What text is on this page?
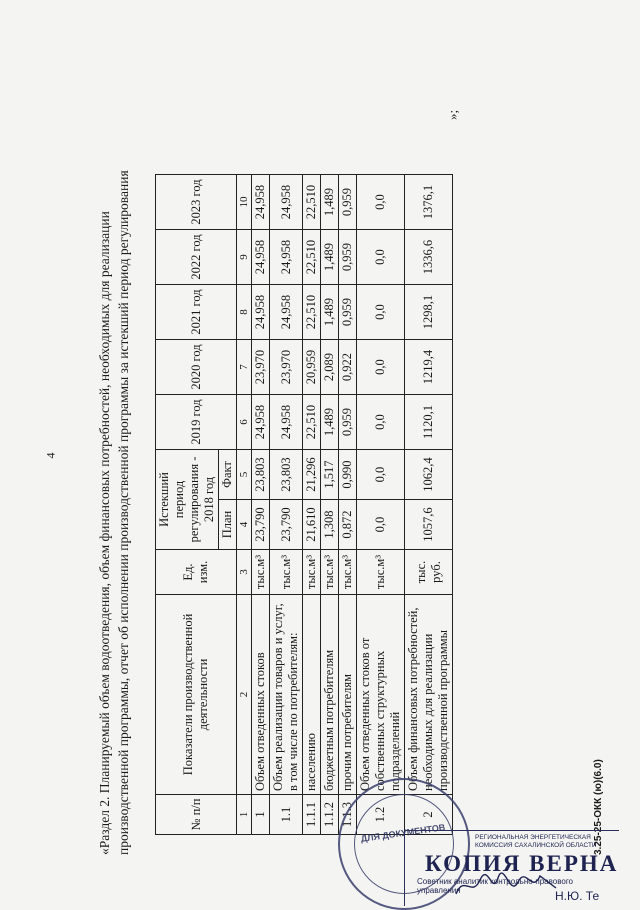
4	«Раздел 2. Планируемый объем водоотведения, объем финансовых потребностей, необходимых для реализации производственной программы, отчет об исполнении производственной программы за истекший период регулирования	№ п/п	Показатели производственной деятельности	Ед. изм.	Истекший период регулирования - 2018 год		2019 год	2020 год	2021 год	2022 год	2023 год
			План	Факт					
1	2	3	4	5	6	7	8	9	10
1	Объем отведенных стоков	тыс.м³	23,790	23,803	24,958	23,970	24,958	24,958	24,958
1.1	Объем реализации товаров и услуг, в том числе по потребителям:	тыс.м³	23,790	23,803	24,958	23,970	24,958	24,958	24,958
1.1.1	населению	тыс.м³	21,610	21,296	22,510	20,959	22,510	22,510	22,510
1.1.2	бюджетным потребителям	тыс.м³	1,308	1,517	1,489	2,089	1,489	1,489	1,489
1.1.3	прочим потребителям	тыс.м³	0,872	0,990	0,959	0,922	0,959	0,959	0,959
1.2	Объем отведенных стоков от собственных структурных подразделений	тыс.м³	0,0	0,0	0,0	0,0	0,0	0,0	0,0
2	Объем финансовых потребностей, необходимых для реализации производственной программы	тыс. руб.	1057,6	1062,4	1120,1	1219,4	1298,1	1336,6	1376,1
»;
3.25-25-ОКК (ю)(6.0)
ДЛЯ ДОКУМЕНТОВ	РЕГИОНАЛЬНАЯ ЭНЕРГЕТИЧЕСКАЯ КОМИССИЯ САХАЛИНСКОЙ ОБЛАСТИ
КОПИЯ ВЕРНА
Советник аналитик контрольно-правового управления	Н.Ю. Те
